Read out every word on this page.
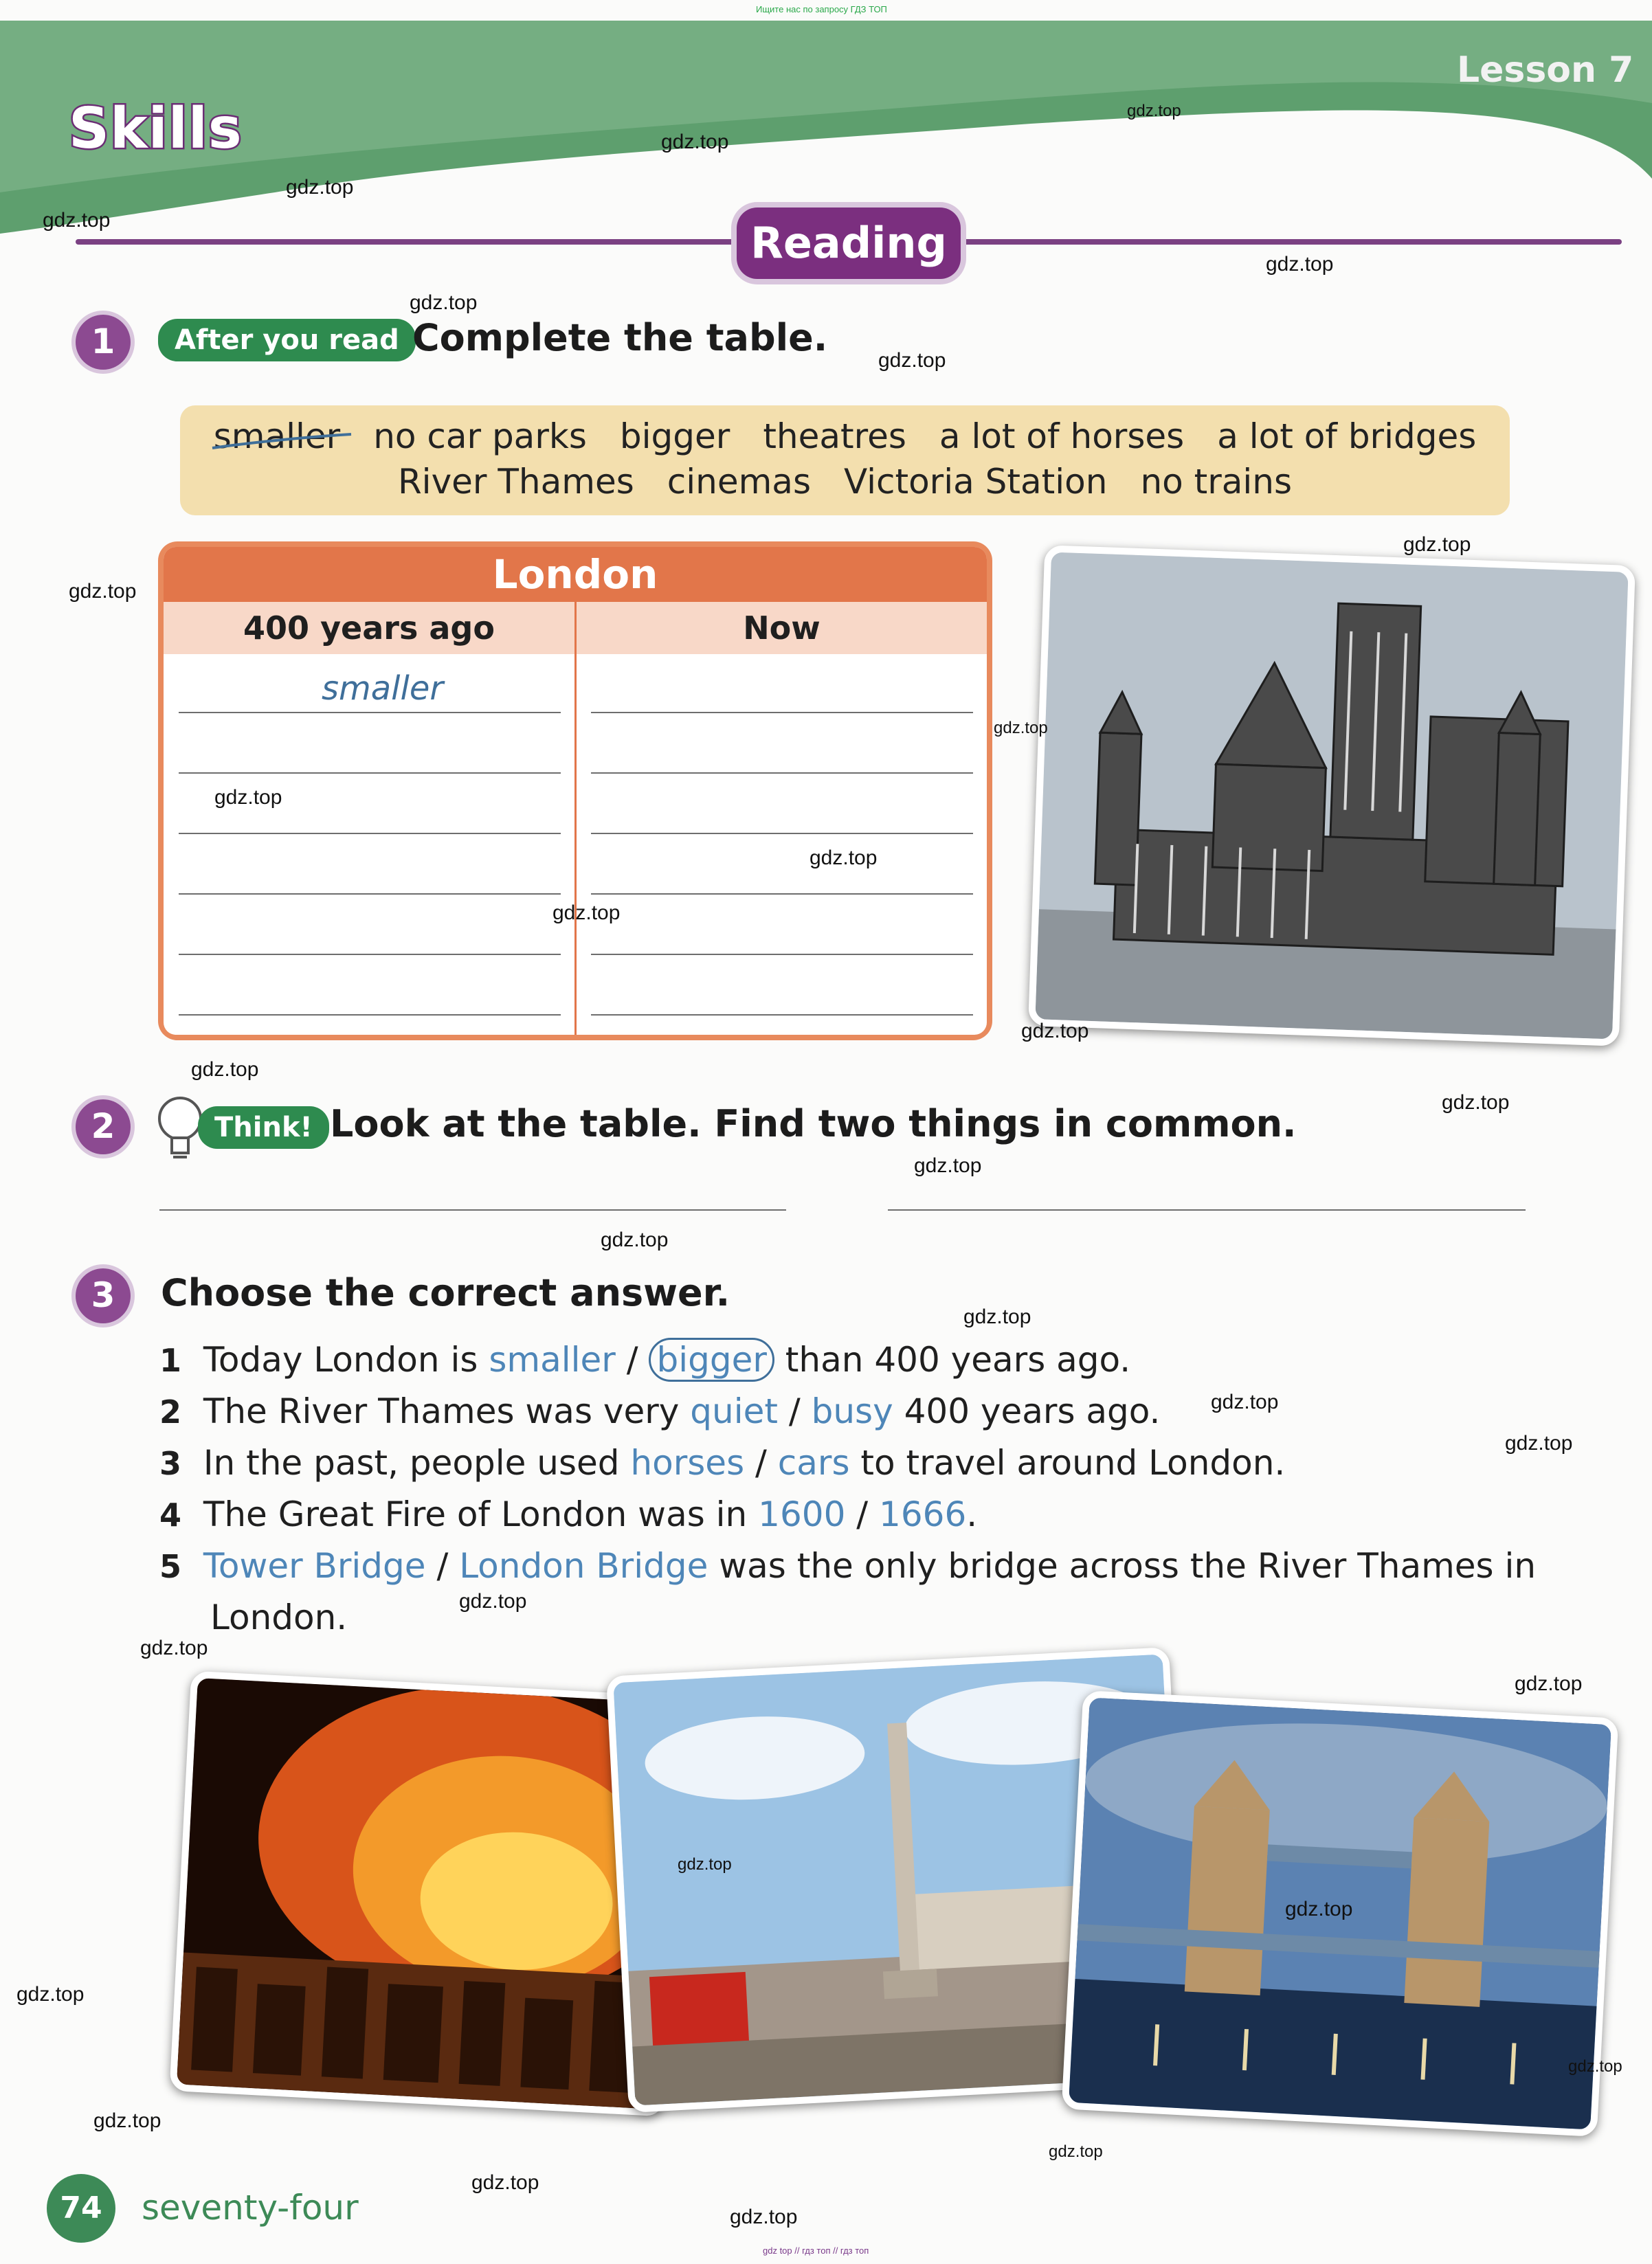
Ищите нас по запросу ГДЗ ТОП
Skills
Lesson 7
Reading
1	After you read Complete the table.
smaller no car parks bigger theatres a lot of horses a lot of bridges
River Thames cinemas Victoria Station no trains
London
400 years ago	Now
smaller
2	Think! Look at the table. Find two things in common.
3	Choose the correct answer.
1 Today London is smaller / bigger than 400 years ago.
2 The River Thames was very quiet / busy 400 years ago.
3 In the past, people used horses / cars to travel around London.
4 The Great Fire of London was in 1600 / 1666.
5 Tower Bridge / London Bridge was the only bridge across the River Thames in
London.
74	seventy-four
gdz top // гдз топ // гдз топ
gdz.top
gdz.top
gdz.top
gdz.top
gdz.top
gdz.top
gdz.top
gdz.top
gdz.top
gdz.top
gdz.top
gdz.top
gdz.top
gdz.top
gdz.top
gdz.top
gdz.top
gdz.top
gdz.top
gdz.top
gdz.top
gdz.top
gdz.top
gdz.top
gdz.top
gdz.top
gdz.top
gdz.top
gdz.top
gdz.top
gdz.top
gdz.top
